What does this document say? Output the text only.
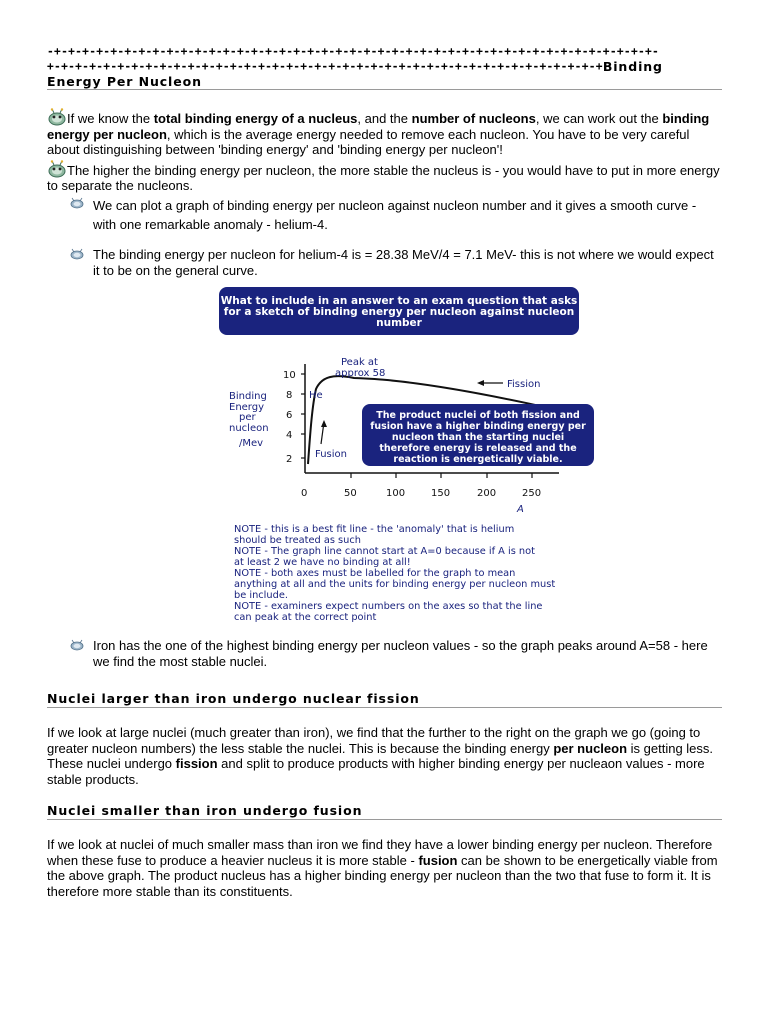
-+-+-+-+-+-+-+-+-+-+-+-+-+-+-+-+-+-+-+-+-+-+-+-+-+-+-+-+-+-+-+-+-+-+-+-+-+-+-+-+-+-+-+-
+-+-+-+-+-+-+-+-+-+-+-+-+-+-+-+-+-+-+-+-+-+-+-+-+-+-+-+-+-+-+-+-+-+-+-+-+-+-+-+ Binding
Energy Per Nucleon

If we know the total binding energy of a nucleus, and the number of nucleons, we can work out the binding energy per nucleon, which is the average energy needed to remove each nucleon. You have to be very careful about distinguishing between 'binding energy' and 'binding energy per nucleon'!

The higher the binding energy per nucleon, the more stable the nucleus is - you would have to put in more energy to separate the nucleons.

We can plot a graph of binding energy per nucleon against nucleon number and it gives a smooth curve - with one remarkable anomaly - helium-4.
The binding energy per nucleon for helium-4 is = 28.38 MeV/4 = 7.1 MeV- this is not where we would expect it to be on the general curve.
What to include in an answer to an exam question that asks
for a sketch of binding energy per nucleon against nucleon
number
Binding
Energy
per
nucleon
/Mev
10
8
6
4
2
0	50	100	150	200	250
A
Peak at
approx 58
He
Fission
Fusion
The product nuclei of both fission and
fusion have a higher binding energy per
nucleon than the starting nuclei
therefore energy is released and the
reaction is energetically viable.
NOTE - this is a best fit line - the 'anomaly' that is helium
should be treated as such
NOTE - The graph line cannot start at A=0 because if A is not
at least 2 we have no binding at all!
NOTE - both axes must be labelled for the graph to mean
anything at all and the units for binding energy per nucleon must
be include.
NOTE - examiners expect numbers on the axes so that the line
can peak at the correct point
Iron has the one of the highest binding energy per nucleon values - so the graph peaks around A=58 - here we find the most stable nuclei.
Nuclei larger than iron undergo nuclear fission

If we look at large nuclei (much greater than iron), we find that the further to the right on the graph we go (going to greater nucleon numbers) the less stable the nuclei. This is because the binding energy per nucleon is getting less. These nuclei undergo fission and split to produce products with higher binding energy per nucleaon values - more stable products.

Nuclei smaller than iron undergo fusion

If we look at nuclei of much smaller mass than iron we find they have a lower binding energy per nucleon. Therefore when these fuse to produce a heavier nucleus it is more stable - fusion can be shown to be energetically viable from the above graph. The product nucleus has a higher binding energy per nucleon than the two that fuse to form it. It is therefore more stable than its constituents.
